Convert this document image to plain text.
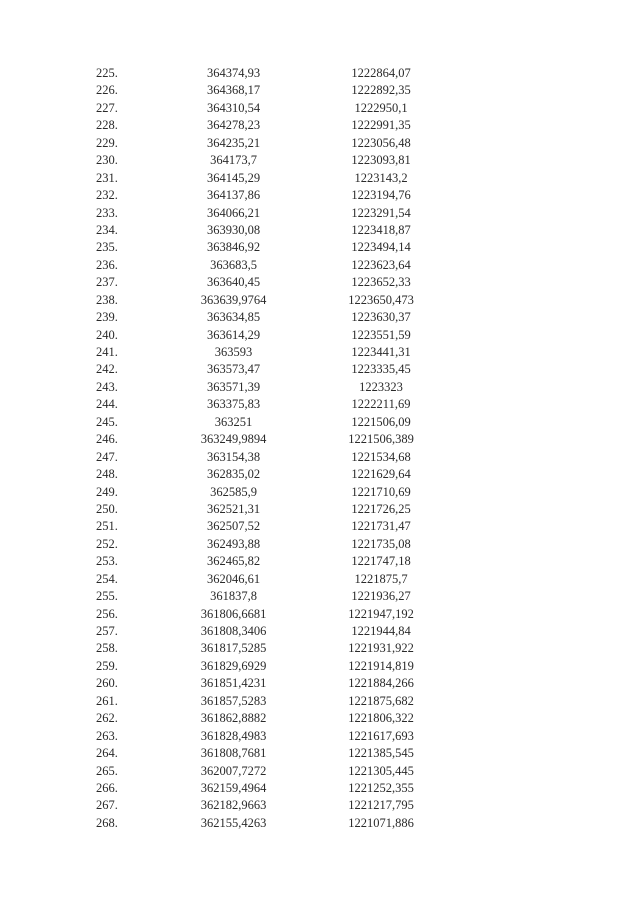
225.	364374,93	1222864,07
226.	364368,17	1222892,35
227.	364310,54	1222950,1
228.	364278,23	1222991,35
229.	364235,21	1223056,48
230.	364173,7	1223093,81
231.	364145,29	1223143,2
232.	364137,86	1223194,76
233.	364066,21	1223291,54
234.	363930,08	1223418,87
235.	363846,92	1223494,14
236.	363683,5	1223623,64
237.	363640,45	1223652,33
238.	363639,9764	1223650,473
239.	363634,85	1223630,37
240.	363614,29	1223551,59
241.	363593	1223441,31
242.	363573,47	1223335,45
243.	363571,39	1223323
244.	363375,83	1222211,69
245.	363251	1221506,09
246.	363249,9894	1221506,389
247.	363154,38	1221534,68
248.	362835,02	1221629,64
249.	362585,9	1221710,69
250.	362521,31	1221726,25
251.	362507,52	1221731,47
252.	362493,88	1221735,08
253.	362465,82	1221747,18
254.	362046,61	1221875,7
255.	361837,8	1221936,27
256.	361806,6681	1221947,192
257.	361808,3406	1221944,84
258.	361817,5285	1221931,922
259.	361829,6929	1221914,819
260.	361851,4231	1221884,266
261.	361857,5283	1221875,682
262.	361862,8882	1221806,322
263.	361828,4983	1221617,693
264.	361808,7681	1221385,545
265.	362007,7272	1221305,445
266.	362159,4964	1221252,355
267.	362182,9663	1221217,795
268.	362155,4263	1221071,886
